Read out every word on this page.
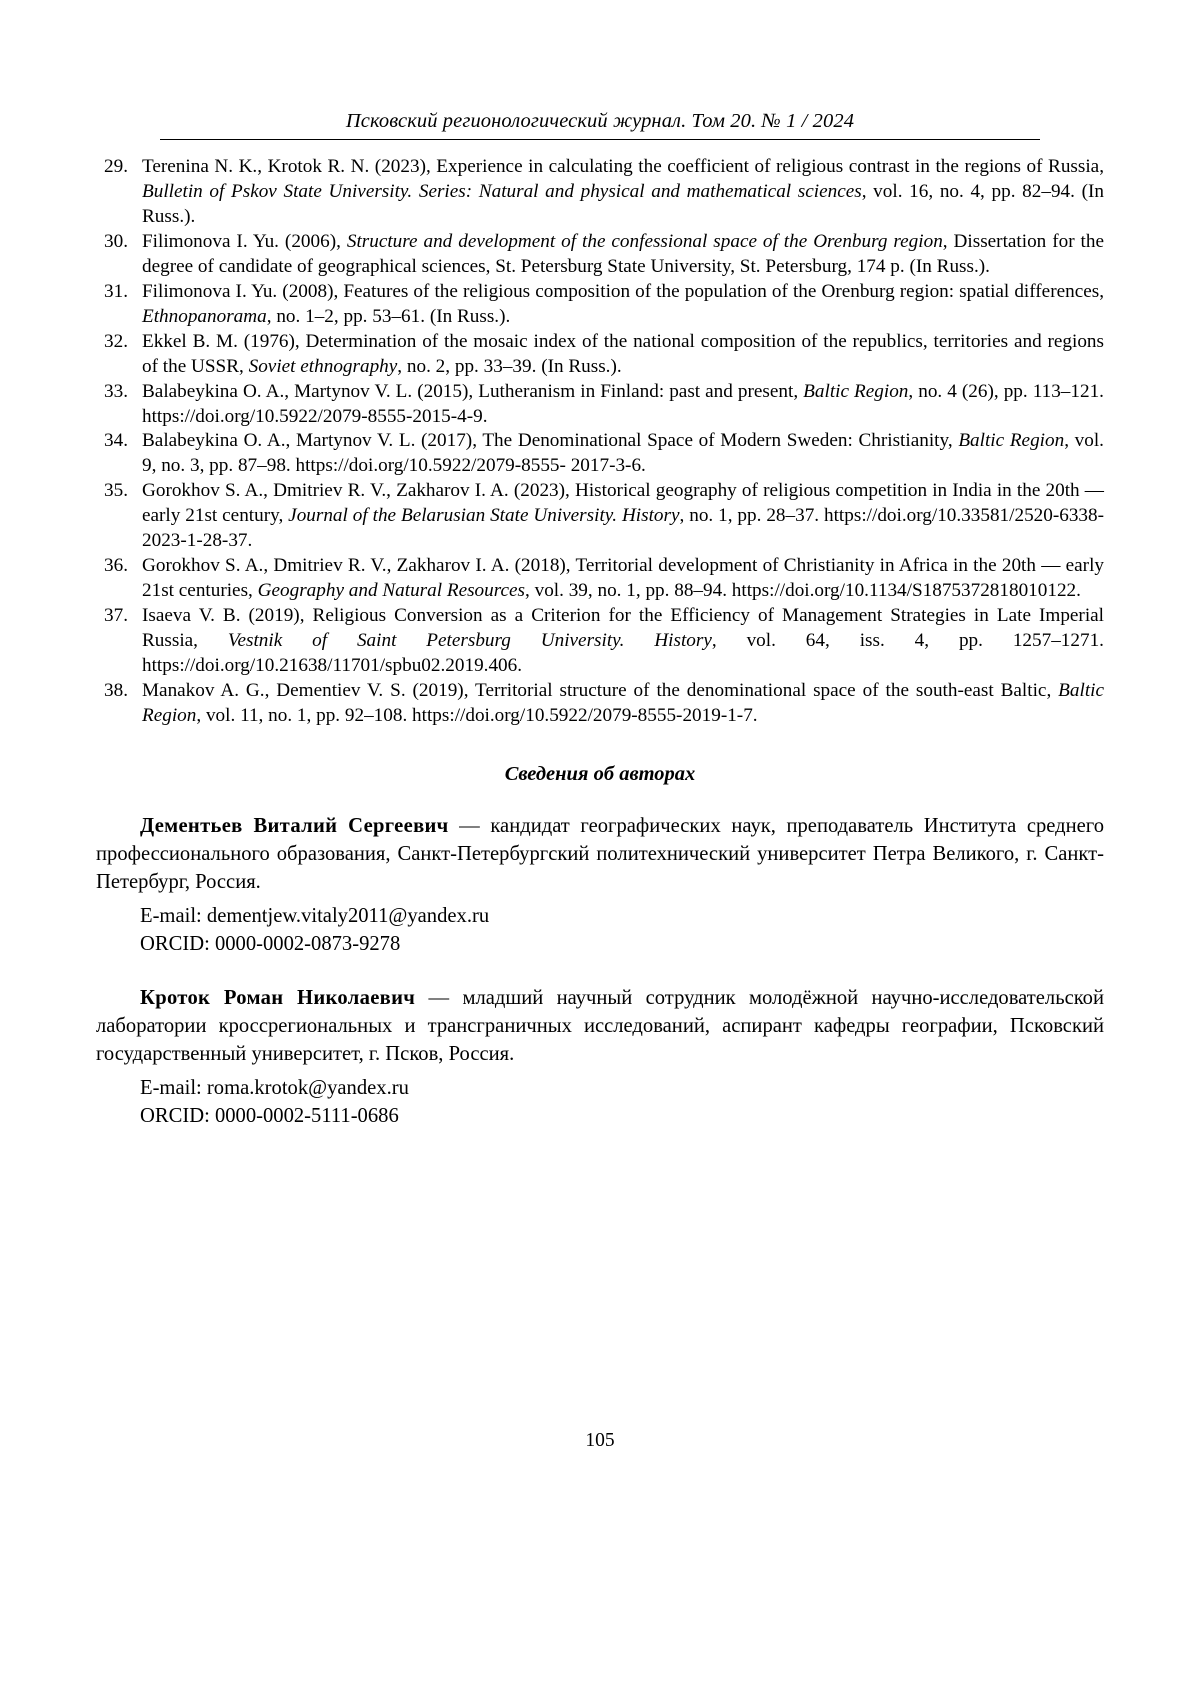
Псковский регионологический журнал. Том 20. № 1 / 2024
29. Terenina N. K., Krotok R. N. (2023), Experience in calculating the coefficient of religious contrast in the regions of Russia, Bulletin of Pskov State University. Series: Natural and physical and mathematical sciences, vol. 16, no. 4, pp. 82–94. (In Russ.).
30. Filimonova I. Yu. (2006), Structure and development of the confessional space of the Orenburg region, Dissertation for the degree of candidate of geographical sciences, St. Petersburg State University, St. Petersburg, 174 p. (In Russ.).
31. Filimonova I. Yu. (2008), Features of the religious composition of the population of the Orenburg region: spatial differences, Ethnopanorama, no. 1–2, pp. 53–61. (In Russ.).
32. Ekkel B. M. (1976), Determination of the mosaic index of the national composition of the republics, territories and regions of the USSR, Soviet ethnography, no. 2, pp. 33–39. (In Russ.).
33. Balabeykina O. A., Martynov V. L. (2015), Lutheranism in Finland: past and present, Baltic Region, no. 4 (26), pp. 113–121. https://doi.org/10.5922/2079-8555-2015-4-9.
34. Balabeykina O. A., Martynov V. L. (2017), The Denominational Space of Modern Sweden: Christianity, Baltic Region, vol. 9, no. 3, pp. 87–98. https://doi.org/10.5922/2079-8555- 2017-3-6.
35. Gorokhov S. A., Dmitriev R. V., Zakharov I. A. (2023), Historical geography of religious competition in India in the 20th — early 21st century, Journal of the Belarusian State University. History, no. 1, pp. 28–37. https://doi.org/10.33581/2520-6338-2023-1-28-37.
36. Gorokhov S. A., Dmitriev R. V., Zakharov I. A. (2018), Territorial development of Christianity in Africa in the 20th — early 21st centuries, Geography and Natural Resources, vol. 39, no. 1, pp. 88–94. https://doi.org/10.1134/S1875372818010122.
37. Isaeva V. B. (2019), Religious Conversion as a Criterion for the Efficiency of Management Strategies in Late Imperial Russia, Vestnik of Saint Petersburg University. History, vol. 64, iss. 4, pp. 1257–1271. https://doi.org/10.21638/11701/spbu02.2019.406.
38. Manakov A. G., Dementiev V. S. (2019), Territorial structure of the denominational space of the south-east Baltic, Baltic Region, vol. 11, no. 1, pp. 92–108. https://doi.org/10.5922/2079-8555-2019-1-7.
Сведения об авторах
Дементьев Виталий Сергеевич — кандидат географических наук, преподаватель Института среднего профессионального образования, Санкт-Петербургский политехнический университет Петра Великого, г. Санкт-Петербург, Россия.
E-mail: dementjew.vitaly2011@yandex.ru
ORCID: 0000-0002-0873-9278
Кроток Роман Николаевич — младший научный сотрудник молодёжной научно-исследовательской лаборатории кроссрегиональных и трансграничных исследований, аспирант кафедры географии, Псковский государственный университет, г. Псков, Россия.
E-mail: roma.krotok@yandex.ru
ORCID: 0000-0002-5111-0686
105
